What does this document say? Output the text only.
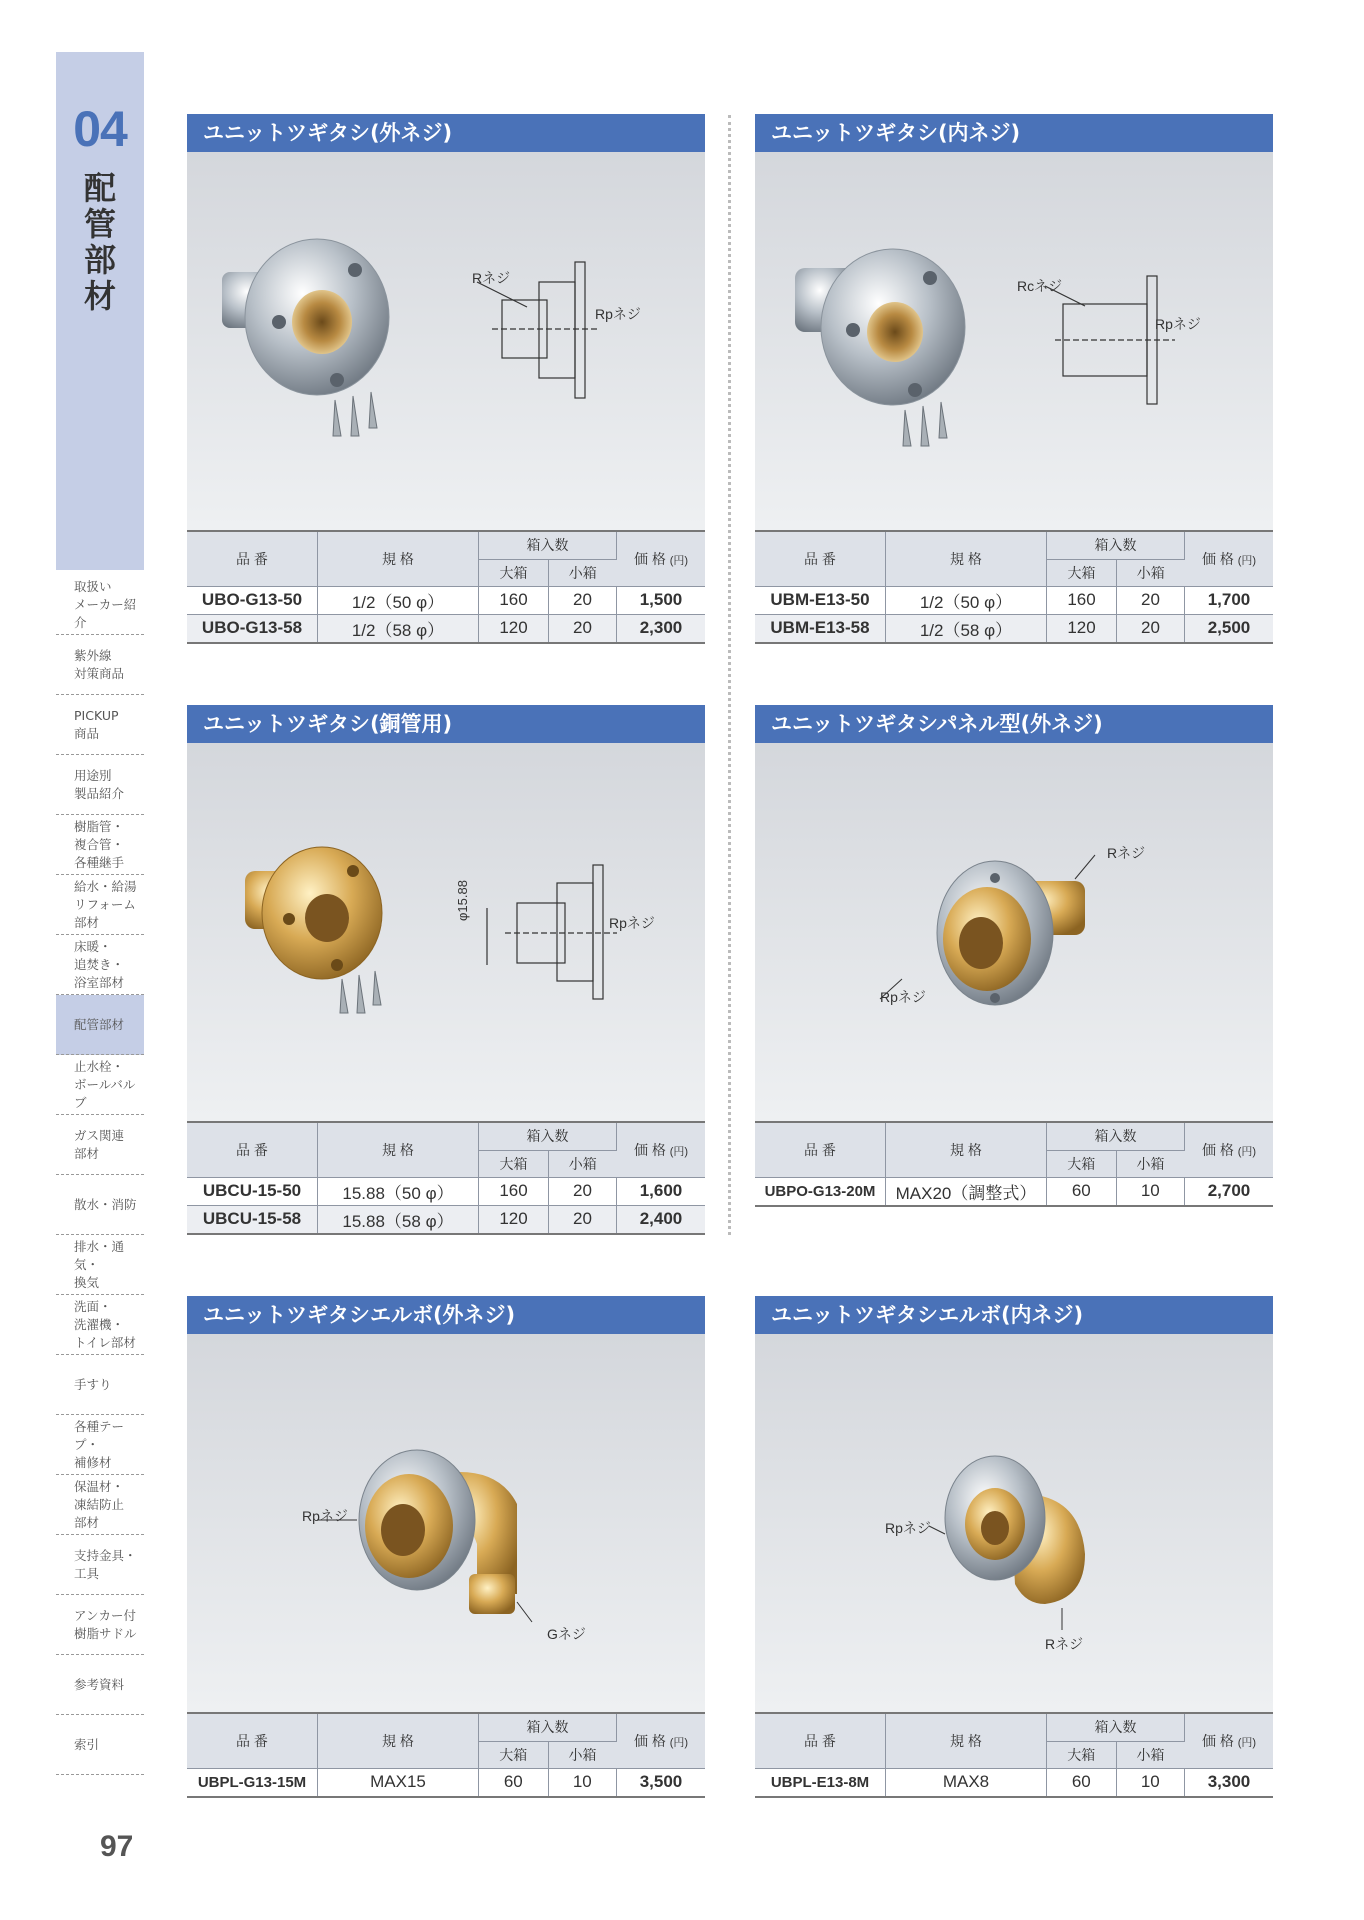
04
配
管
部
材
取扱い
メーカー紹介
紫外線
対策商品
PICKUP
商品
用途別
製品紹介
樹脂管・
複合管・
各種継手
給水・給湯
リフォーム
部材
床暖・
追焚き・
浴室部材
配管部材
止水栓・
ボールバルブ
ガス関連
部材
散水・消防
排水・通気・
換気
洗面・
洗濯機・
トイレ部材
手すり
各種テープ・
補修材
保温材・
凍結防止
部材
支持金具・
工具
アンカー付
樹脂サドル
参考資料
索引
97
ユニットツギタシ(外ネジ)
Rネジ
Rpネジ
品 番	規 格	箱入数		価 格 (円)
		大箱	小箱	
UBO-G13-50	1/2（50 φ）	160	20	1,500
UBO-G13-58	1/2（58 φ）	120	20	2,300
ユニットツギタシ(内ネジ)
Rcネジ
Rpネジ
品 番	規 格	箱入数		価 格 (円)
		大箱	小箱	
UBM-E13-50	1/2（50 φ）	160	20	1,700
UBM-E13-58	1/2（58 φ）	120	20	2,500
ユニットツギタシ(銅管用)
φ15.88
Rpネジ
品 番	規 格	箱入数		価 格 (円)
		大箱	小箱	
UBCU-15-50	15.88（50 φ）	160	20	1,600
UBCU-15-58	15.88（58 φ）	120	20	2,400
ユニットツギタシパネル型(外ネジ)
Rネジ
Rpネジ
品 番	規 格	箱入数		価 格 (円)
		大箱	小箱	
UBPO-G13-20M	MAX20（調整式）	60	10	2,700
ユニットツギタシエルボ(外ネジ)
Rpネジ
Gネジ
品 番	規 格	箱入数		価 格 (円)
		大箱	小箱	
UBPL-G13-15M	MAX15	60	10	3,500
ユニットツギタシエルボ(内ネジ)
Rpネジ
Rネジ
品 番	規 格	箱入数		価 格 (円)
		大箱	小箱	
UBPL-E13-8M	MAX8	60	10	3,300
